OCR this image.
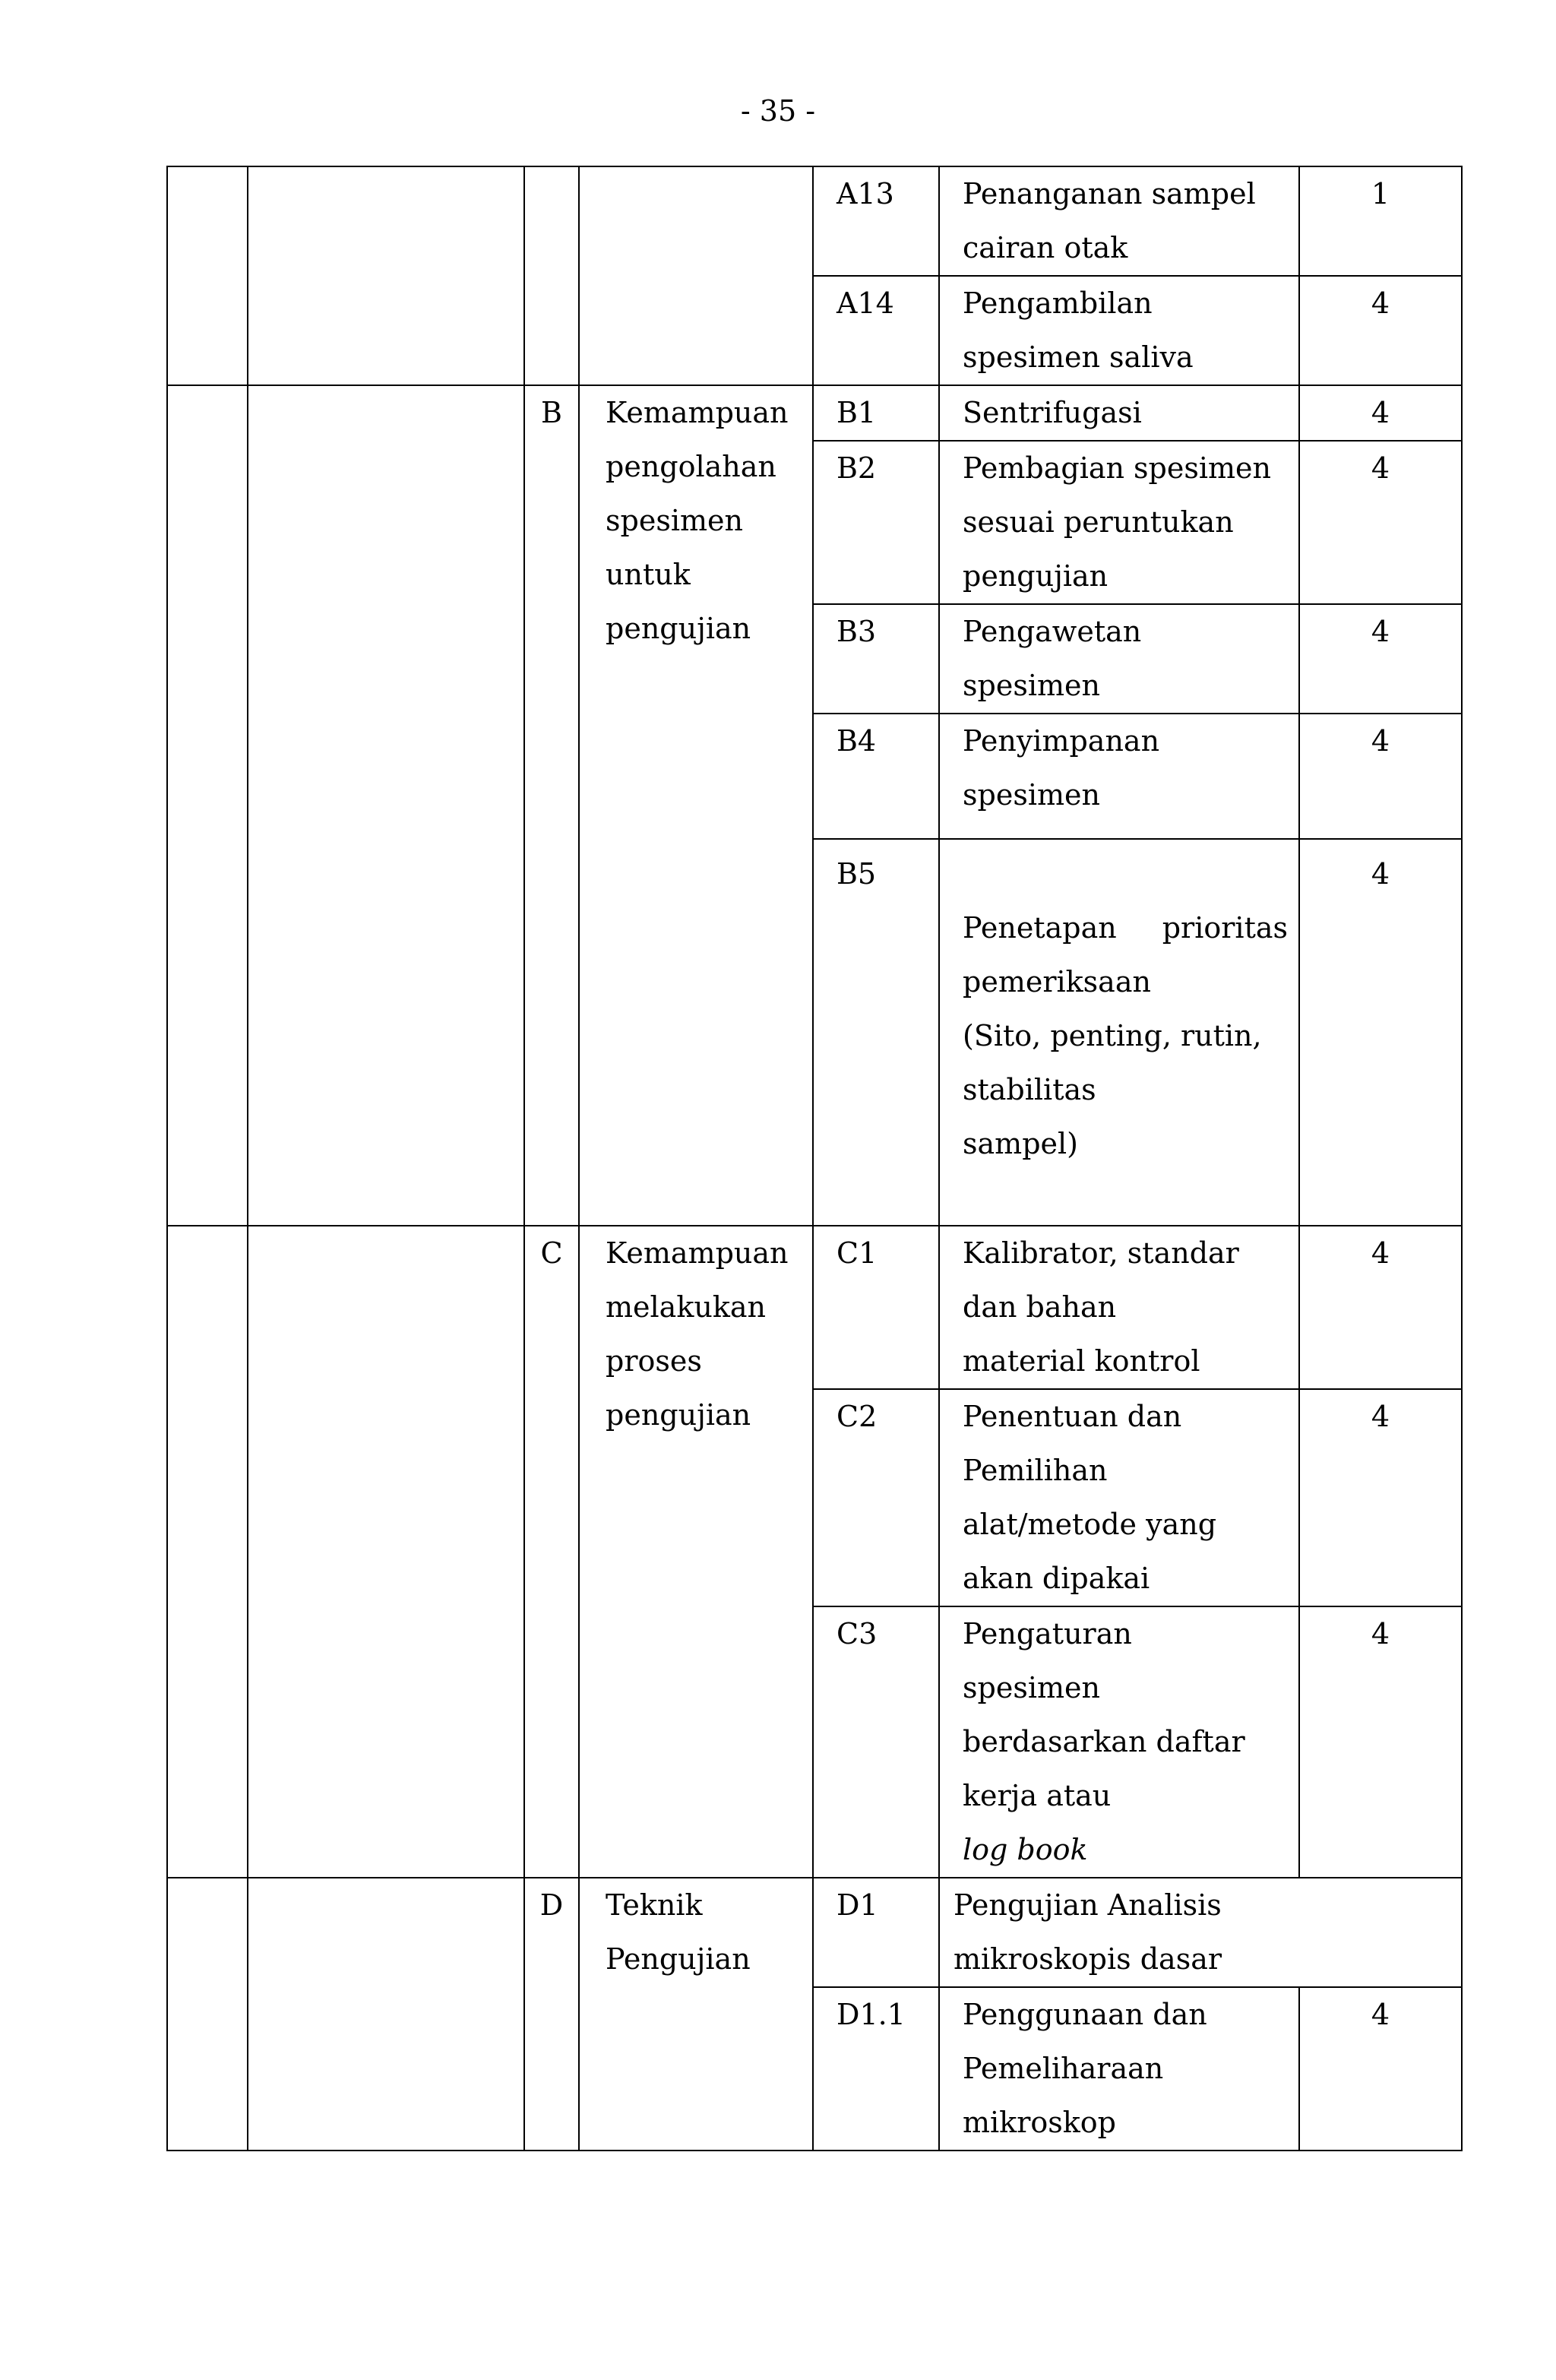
- 35 -

				A13	Penanganan sampel
cairan otak	1

				A14	Pengambilan
spesimen saliva	4

		B	Kemampuan
pengolahan
spesimen
untuk
pengujian	B1	Sentrifugasi	4

				B2	Pembagian spesimen
sesuai peruntukan
pengujian	4

				B3	Pengawetan
spesimen	4

				B4	Penyimpanan
spesimen	4

				B5	Penetapan prioritas
pemeriksaan
(Sito, penting, rutin,
stabilitas
sampel)	4

		C	Kemampuan
melakukan
proses
pengujian	C1	Kalibrator, standar
dan bahan
material kontrol	4

				C2	Penentuan dan
Pemilihan
alat/metode yang
akan dipakai	4

				C3	Pengaturan
spesimen
berdasarkan daftar
kerja atau
log book	4

		D	Teknik
Pengujian	D1	Pengujian Analisis
mikroskopis dasar	

				D1.1	Penggunaan dan
Pemeliharaan
mikroskop	4
